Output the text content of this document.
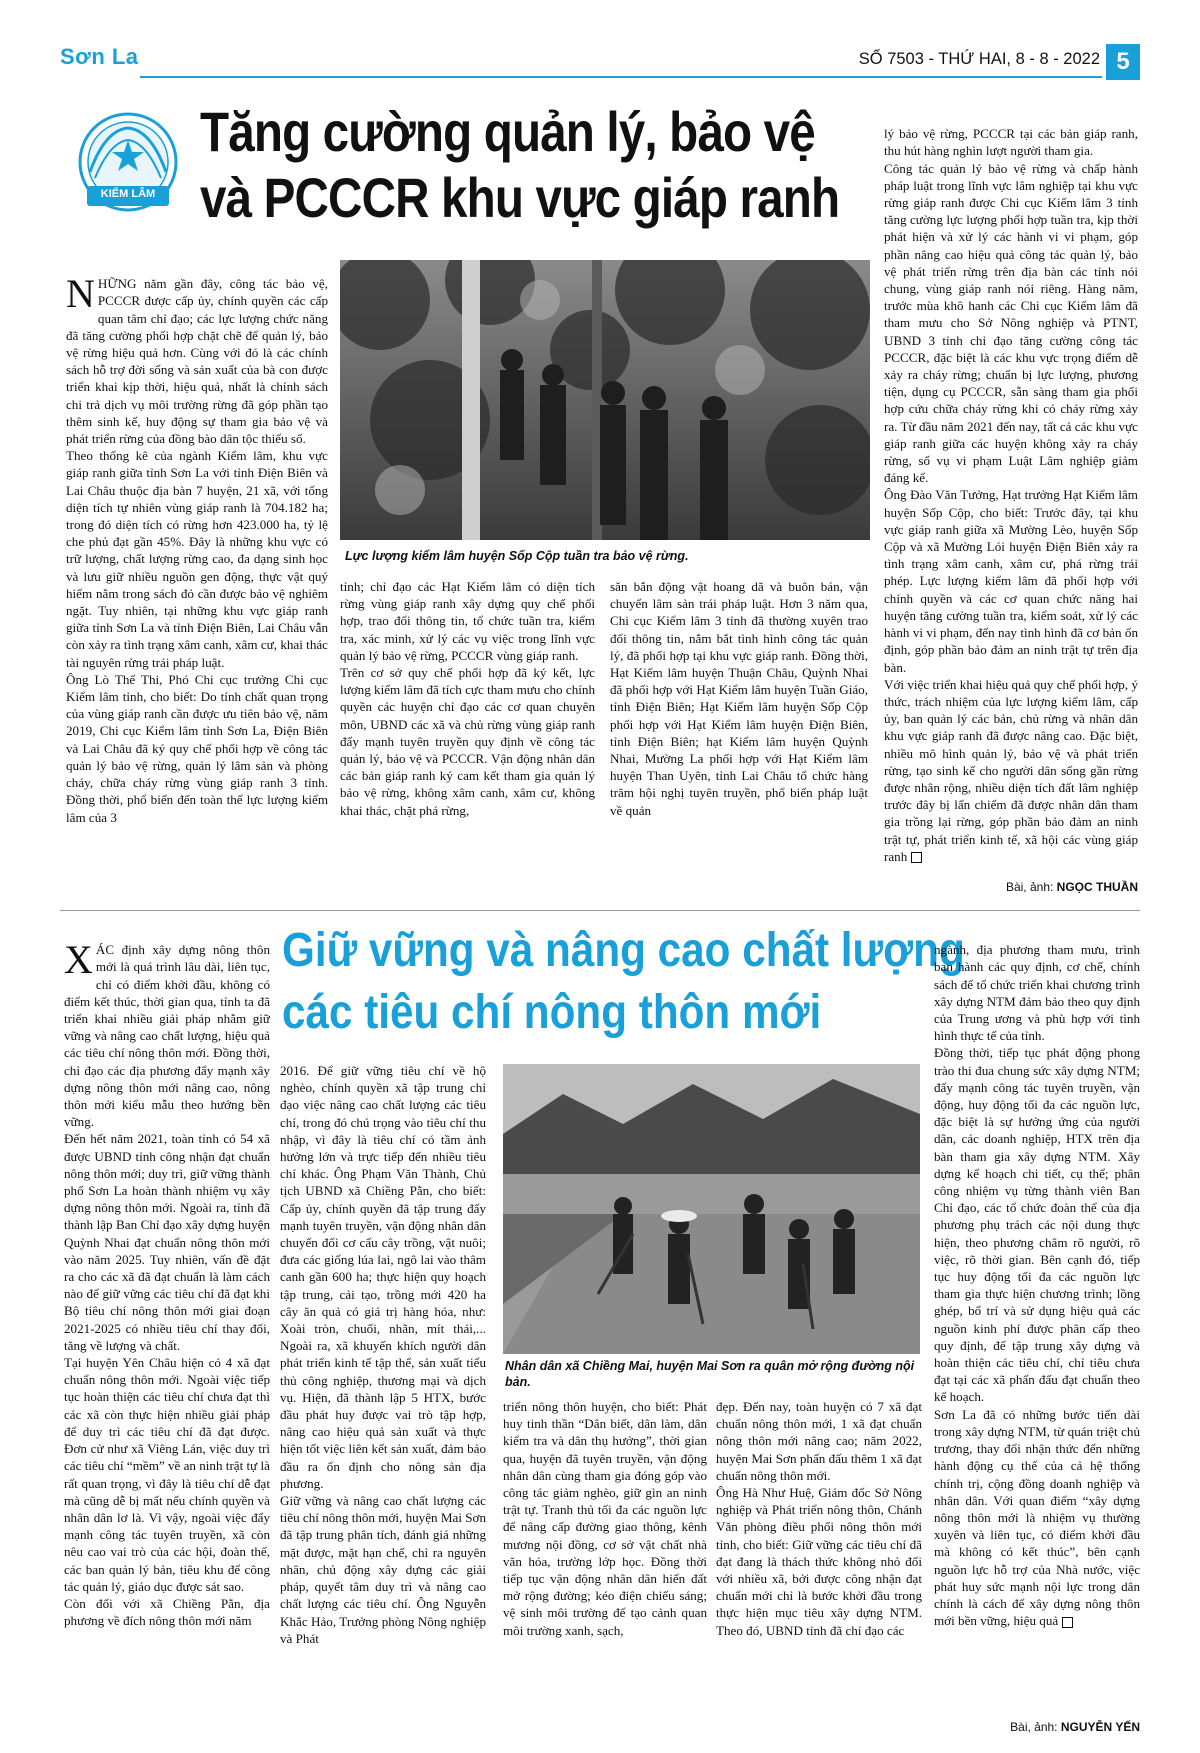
Sơn La	SỐ 7503 - THỨ HAI, 8 - 8 - 2022 5
KIỂM LÂM
Tăng cường quản lý, bảo vệ
và PCCCR khu vực giáp ranh

NHỮNG năm gần đây, công tác bảo vệ, PCCCR được cấp ủy, chính quyền các cấp quan tâm chỉ đạo; các lực lượng chức năng đã tăng cường phối hợp chặt chẽ để quản lý, bảo vệ rừng hiệu quả hơn. Cùng với đó là các chính sách hỗ trợ đời sống và sản xuất của bà con được triển khai kịp thời, hiệu quả, nhất là chính sách chi trả dịch vụ môi trường rừng đã góp phần tạo thêm sinh kế, huy động sự tham gia bảo vệ và phát triển rừng của đồng bào dân tộc thiểu số.
Theo thống kê của ngành Kiểm lâm, khu vực giáp ranh giữa tỉnh Sơn La với tỉnh Điện Biên và Lai Châu thuộc địa bàn 7 huyện, 21 xã, với tổng diện tích tự nhiên vùng giáp ranh là 704.182 ha; trong đó diện tích có rừng hơn 423.000 ha, tỷ lệ che phủ đạt gần 45%. Đây là những khu vực có trữ lượng, chất lượng rừng cao, đa dạng sinh học và lưu giữ nhiều nguồn gen động, thực vật quý hiếm nằm trong sách đỏ cần được bảo vệ nghiêm ngặt. Tuy nhiên, tại những khu vực giáp ranh giữa tỉnh Sơn La và tỉnh Điện Biên, Lai Châu vẫn còn xảy ra tình trạng xâm canh, xâm cư, khai thác tài nguyên rừng trái pháp luật.
Ông Lò Thế Thi, Phó Chi cục trưởng Chi cục Kiểm lâm tỉnh, cho biết: Do tính chất quan trọng của vùng giáp ranh cần được ưu tiên bảo vệ, năm 2019, Chi cục Kiểm lâm tỉnh Sơn La, Điện Biên và Lai Châu đã ký quy chế phối hợp về công tác quản lý bảo vệ rừng, quản lý lâm sản và phòng cháy, chữa cháy rừng vùng giáp ranh 3 tỉnh. Đồng thời, phổ biến đến toàn thể lực lượng kiểm lâm của 3

Lực lượng kiểm lâm huyện Sốp Cộp tuần tra bảo vệ rừng.
tỉnh; chỉ đạo các Hạt Kiểm lâm có diện tích rừng vùng giáp ranh xây dựng quy chế phối hợp, trao đổi thông tin, tổ chức tuần tra, kiểm tra, xác minh, xử lý các vụ việc trong lĩnh vực quản lý bảo vệ rừng, PCCCR vùng giáp ranh.
Trên cơ sở quy chế phối hợp đã ký kết, lực lượng kiểm lâm đã tích cực tham mưu cho chính quyền các huyện chỉ đạo các cơ quan chuyên môn, UBND các xã và chủ rừng vùng giáp ranh đẩy mạnh tuyên truyền quy định về công tác quản lý, bảo vệ và PCCCR. Vận động nhân dân các bản giáp ranh ký cam kết tham gia quản lý bảo vệ rừng, không xâm canh, xâm cư, không khai thác, chặt phá rừng,
săn bắn động vật hoang dã và buôn bán, vận chuyển lâm sản trái pháp luật. Hơn 3 năm qua, Chi cục Kiểm lâm 3 tỉnh đã thường xuyên trao đổi thông tin, nắm bắt tình hình công tác quản lý, đã phối hợp tại khu vực giáp ranh. Đồng thời, Hạt Kiểm lâm huyện Thuận Châu, Quỳnh Nhai đã phối hợp với Hạt Kiểm lâm huyện Tuần Giáo, tỉnh Điện Biên; Hạt Kiểm lâm huyện Sốp Cộp phối hợp với Hạt Kiểm lâm huyện Điện Biên, tỉnh Điện Biên; hạt Kiểm lâm huyện Quỳnh Nhai, Mường La phối hợp với Hạt Kiểm lâm huyện Than Uyên, tỉnh Lai Châu tổ chức hàng trăm hội nghị tuyên truyền, phổ biến pháp luật về quản

lý bảo vệ rừng, PCCCR tại các bản giáp ranh, thu hút hàng nghìn lượt người tham gia.
Công tác quản lý bảo vệ rừng và chấp hành pháp luật trong lĩnh vực lâm nghiệp tại khu vực rừng giáp ranh được Chi cục Kiểm lâm 3 tỉnh tăng cường lực lượng phối hợp tuần tra, kịp thời phát hiện và xử lý các hành vi vi phạm, góp phần nâng cao hiệu quả công tác quản lý, bảo vệ phát triển rừng trên địa bàn các tỉnh nói chung, vùng giáp ranh nói riêng. Hàng năm, trước mùa khô hanh các Chi cục Kiểm lâm đã tham mưu cho Sở Nông nghiệp và PTNT, UBND 3 tỉnh chỉ đạo tăng cường công tác PCCCR, đặc biệt là các khu vực trọng điểm dễ xảy ra cháy rừng; chuẩn bị lực lượng, phương tiện, dụng cụ PCCCR, sẵn sàng tham gia phối hợp cứu chữa cháy rừng khi có cháy rừng xảy ra. Từ đầu năm 2021 đến nay, tất cả các khu vực giáp ranh giữa các huyện không xảy ra cháy rừng, số vụ vi phạm Luật Lâm nghiệp giảm đáng kể.
Ông Đào Văn Tưởng, Hạt trưởng Hạt Kiểm lâm huyện Sốp Cộp, cho biết: Trước đây, tại khu vực giáp ranh giữa xã Mường Lèo, huyện Sốp Cộp và xã Mường Lói huyện Điện Biên xảy ra tình trạng xâm canh, xâm cư, phá rừng trái phép. Lực lượng kiểm lâm đã phối hợp với chính quyền và các cơ quan chức năng hai huyện tăng cường tuần tra, kiểm soát, xử lý các hành vi vi phạm, đến nay tình hình đã cơ bản ổn định, góp phần bảo đảm an ninh trật tự trên địa bàn.
Với việc triển khai hiệu quả quy chế phối hợp, ý thức, trách nhiệm của lực lượng kiểm lâm, cấp ủy, ban quản lý các bản, chủ rừng và nhân dân khu vực giáp ranh đã được nâng cao. Đặc biệt, nhiều mô hình quản lý, bảo vệ và phát triển rừng, tạo sinh kế cho người dân sống gần rừng được nhân rộng, nhiều diện tích đất lâm nghiệp trước đây bị lấn chiếm đã được nhân dân tham gia trồng lại rừng, góp phần bảo đảm an ninh trật tự, phát triển kinh tế, xã hội các vùng giáp ranh

Bài, ảnh: NGỌC THUẦN
Giữ vững và nâng cao chất lượng
các tiêu chí nông thôn mới

XÁC định xây dựng nông thôn mới là quá trình lâu dài, liên tục, chỉ có điểm khởi đầu, không có điểm kết thúc, thời gian qua, tỉnh ta đã triển khai nhiều giải pháp nhằm giữ vững và nâng cao chất lượng, hiệu quả các tiêu chí nông thôn mới. Đồng thời, chỉ đạo các địa phương đẩy mạnh xây dựng nông thôn mới nâng cao, nông thôn mới kiểu mẫu theo hướng bền vững.
Đến hết năm 2021, toàn tỉnh có 54 xã được UBND tỉnh công nhận đạt chuẩn nông thôn mới; duy trì, giữ vững thành phố Sơn La hoàn thành nhiệm vụ xây dựng nông thôn mới. Ngoài ra, tỉnh đã thành lập Ban Chỉ đạo xây dựng huyện Quỳnh Nhai đạt chuẩn nông thôn mới vào năm 2025. Tuy nhiên, vấn đề đặt ra cho các xã đã đạt chuẩn là làm cách nào để giữ vững các tiêu chí đã đạt khi Bộ tiêu chí nông thôn mới giai đoạn 2021-2025 có nhiều tiêu chí thay đổi, tăng về lượng và chất.
Tại huyện Yên Châu hiện có 4 xã đạt chuẩn nông thôn mới. Ngoài việc tiếp tục hoàn thiện các tiêu chí chưa đạt thì các xã còn thực hiện nhiều giải pháp để duy trì các tiêu chí đã đạt được. Đơn cử như xã Viêng Lán, việc duy trì các tiêu chí “mềm” về an ninh trật tự là rất quan trọng, vì đây là tiêu chí dễ đạt mà cũng dễ bị mất nếu chính quyền và nhân dân lơ là. Vì vậy, ngoài việc đẩy mạnh công tác tuyên truyền, xã còn nêu cao vai trò của các hội, đoàn thể, các ban quản lý bản, tiêu khu để công tác quản lý, giáo dục được sát sao.
Còn đối với xã Chiềng Pằn, địa phương về đích nông thôn mới năm

2016. Để giữ vững tiêu chí về hộ nghèo, chính quyền xã tập trung chỉ đạo việc nâng cao chất lượng các tiêu chí, trong đó chú trọng vào tiêu chí thu nhập, vì đây là tiêu chí có tầm ảnh hưởng lớn và trực tiếp đến nhiều tiêu chí khác. Ông Phạm Văn Thành, Chủ tịch UBND xã Chiềng Pằn, cho biết: Cấp ủy, chính quyền đã tập trung đẩy mạnh tuyên truyền, vận động nhân dân chuyển đổi cơ cấu cây trồng, vật nuôi; đưa các giống lúa lai, ngô lai vào thâm canh gần 600 ha; thực hiện quy hoạch tập trung, cải tạo, trồng mới 420 ha cây ăn quả có giá trị hàng hóa, như: Xoài tròn, chuối, nhãn, mít thái,... Ngoài ra, xã khuyến khích người dân phát triển kinh tế tập thể, sản xuất tiểu thủ công nghiệp, thương mại và dịch vụ. Hiện, đã thành lập 5 HTX, bước đầu phát huy được vai trò tập hợp, nâng cao hiệu quả sản xuất và thực hiện tốt việc liên kết sản xuất, đảm bảo đầu ra ổn định cho nông sản địa phương.
Giữ vững và nâng cao chất lượng các tiêu chí nông thôn mới, huyện Mai Sơn đã tập trung phân tích, đánh giá những mặt được, mặt hạn chế, chỉ ra nguyên nhân, chủ động xây dựng các giải pháp, quyết tâm duy trì và nâng cao chất lượng các tiêu chí. Ông Nguyễn Khắc Hảo, Trưởng phòng Nông nghiệp và Phát
Nhân dân xã Chiềng Mai, huyện Mai Sơn ra quân mở rộng đường nội bản.
triển nông thôn huyện, cho biết: Phát huy tinh thần “Dân biết, dân làm, dân kiểm tra và dân thụ hưởng”, thời gian qua, huyện đã tuyên truyền, vận động nhân dân cùng tham gia đóng góp vào công tác giảm nghèo, giữ gìn an ninh trật tự. Tranh thủ tối đa các nguồn lực để nâng cấp đường giao thông, kênh mương nội đồng, cơ sở vật chất nhà văn hóa, trường lớp học. Đồng thời tiếp tục vận động nhân dân hiến đất mở rộng đường; kéo điện chiếu sáng; vệ sinh môi trường để tạo cảnh quan môi trường xanh, sạch,
đẹp. Đến nay, toàn huyện có 7 xã đạt chuẩn nông thôn mới, 1 xã đạt chuẩn nông thôn mới nâng cao; năm 2022, huyện Mai Sơn phấn đấu thêm 1 xã đạt chuẩn nông thôn mới.
Ông Hà Như Huệ, Giám đốc Sở Nông nghiệp và Phát triển nông thôn, Chánh Văn phòng điều phối nông thôn mới tỉnh, cho biết: Giữ vững các tiêu chí đã đạt đang là thách thức không nhỏ đối với nhiều xã, bởi được công nhận đạt chuẩn mới chỉ là bước khởi đầu trong thực hiện mục tiêu xây dựng NTM. Theo đó, UBND tỉnh đã chỉ đạo các

ngành, địa phương tham mưu, trình ban hành các quy định, cơ chế, chính sách để tổ chức triển khai chương trình xây dựng NTM đảm bảo theo quy định của Trung ương và phù hợp với tình hình thực tế của tỉnh.
Đồng thời, tiếp tục phát động phong trào thi đua chung sức xây dựng NTM; đẩy mạnh công tác tuyên truyền, vận động, huy động tối đa các nguồn lực, đặc biệt là sự hưởng ứng của người dân, các doanh nghiệp, HTX trên địa bàn tham gia xây dựng NTM. Xây dựng kế hoạch chi tiết, cụ thể; phân công nhiệm vụ từng thành viên Ban Chỉ đạo, các tổ chức đoàn thể của địa phương phụ trách các nội dung thực hiện, theo phương châm rõ người, rõ việc, rõ thời gian. Bên cạnh đó, tiếp tục huy động tối đa các nguồn lực tham gia thực hiện chương trình; lồng ghép, bố trí và sử dụng hiệu quả các nguồn kinh phí được phân cấp theo quy định, để tập trung xây dựng và hoàn thiện các tiêu chí, chỉ tiêu chưa đạt tại các xã phấn đấu đạt chuẩn theo kế hoạch.
Sơn La đã có những bước tiến dài trong xây dựng NTM, từ quán triệt chủ trương, thay đổi nhận thức đến những hành động cụ thể của cả hệ thống chính trị, cộng đồng doanh nghiệp và nhân dân. Với quan điểm “xây dựng nông thôn mới là nhiệm vụ thường xuyên và liên tục, có điểm khởi đầu mà không có kết thúc”, bên cạnh nguồn lực hỗ trợ của Nhà nước, việc phát huy sức mạnh nội lực trong dân chính là cách để xây dựng nông thôn mới bền vững, hiệu quả

Bài, ảnh: NGUYỄN YẾN
